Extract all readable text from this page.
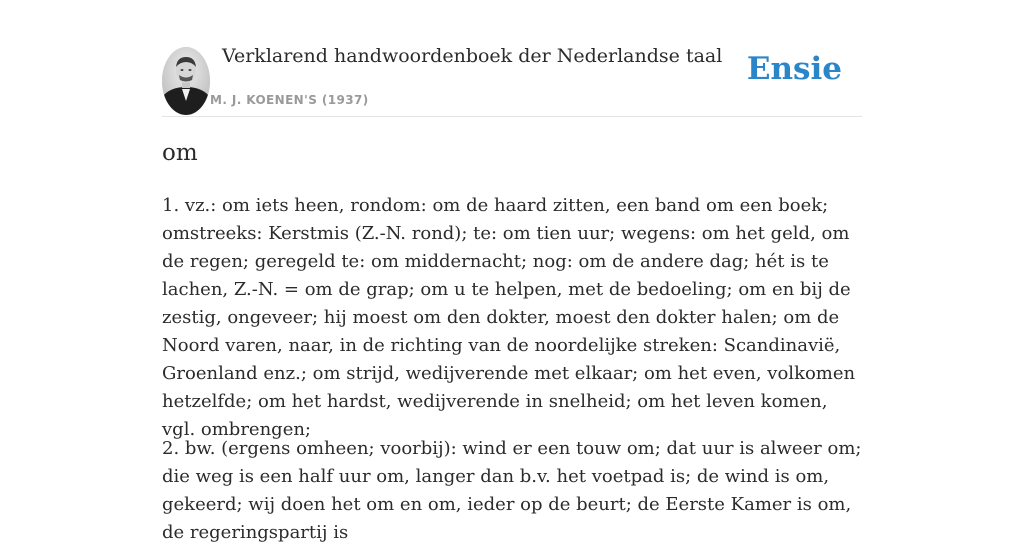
Verklarend handwoordenboek der Nederlandse taal
M. J. KOENEN'S (1937)
Ensie
om

1. vz.: om iets heen, rondom: om de haard zitten, een band om een boek; omstreeks: Kerstmis (Z.-N. rond); te: om tien uur; wegens: om het geld, om de regen; geregeld te: om middernacht; nog: om de andere dag; hét is te lachen, Z.-N. = om de grap; om u te helpen, met de bedoeling; om en bij de zestig, ongeveer; hij moest om den dokter, moest den dokter halen; om de Noord varen, naar, in de richting van de noordelijke streken: Scandinavië, Groenland enz.; om strijd, wedijverende met elkaar; om het even, volkomen hetzelfde; om het hardst, wedijverende in snelheid; om het leven komen, vgl. ombrengen;

2. bw. (ergens omheen; voorbij): wind er een touw om; dat uur is alweer om; die weg is een half uur om, langer dan b.v. het voetpad is; de wind is om, gekeerd; wij doen het om en om, ieder op de beurt; de Eerste Kamer is om, de regeringspartij is
